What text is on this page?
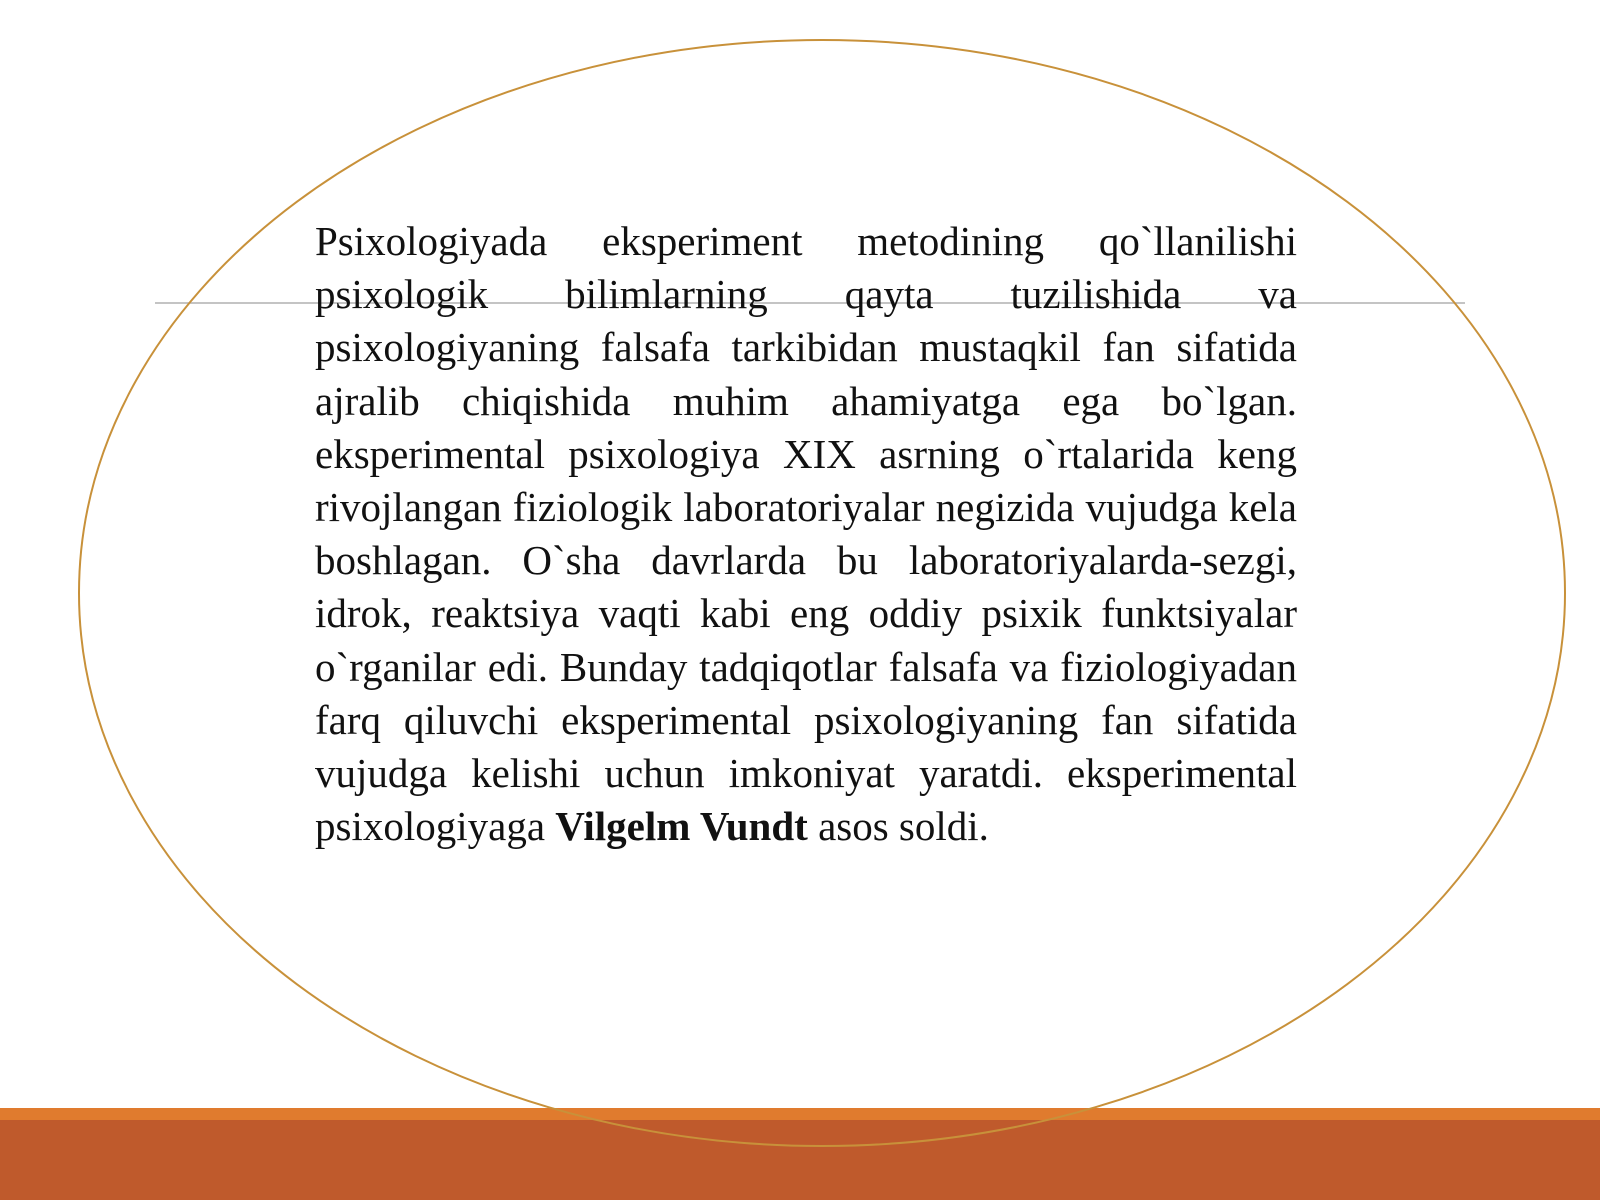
Psixologiyada eksperiment metodining qo`llanilishi psixologik bilimlarning qayta tuzilishida va psixologiyaning falsafa tarkibidan mustaqkil fan sifatida ajralib chiqishida muhim ahamiyatga ega bo`lgan. eksperimental psixologiya XIX asrning o`rtalarida keng rivojlangan fiziologik laboratoriyalar negizida vujudga kela boshlagan. O`sha davrlarda bu laboratoriyalarda-sezgi, idrok, reaktsiya vaqti kabi eng oddiy psixik funktsiyalar o`rganilar edi. Bunday tadqiqotlar falsafa va fiziologiyadan farq qiluvchi eksperimental psixologiyaning fan sifatida vujudga kelishi uchun imkoniyat yaratdi. eksperimental psixologiyaga Vilgelm Vundt asos soldi.
